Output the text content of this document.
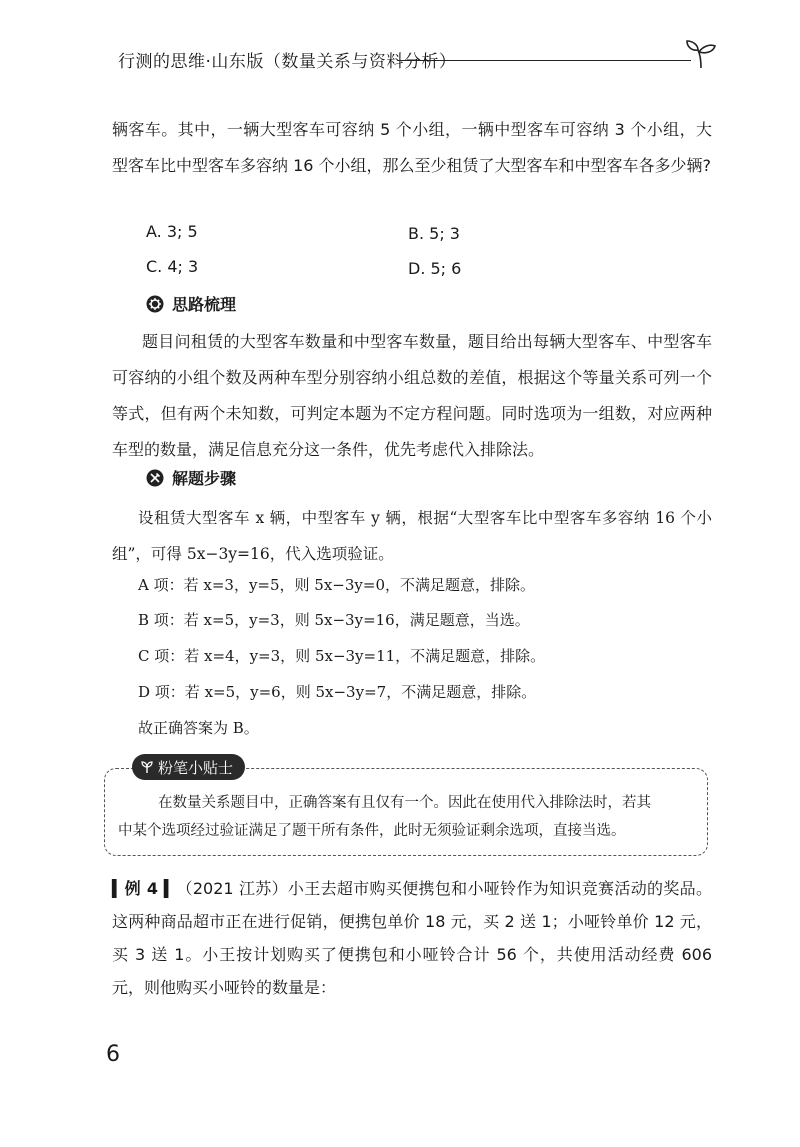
行测的思维·山东版（数量关系与资料分析）
辆客车。其中，一辆大型客车可容纳 5 个小组，一辆中型客车可容纳 3 个小组，大型客车比中型客车多容纳 16 个小组，那么至少租赁了大型客车和中型客车各多少辆?
A. 3; 5	B. 5; 3
C. 4; 3	D. 5; 6
思路梳理
题目问租赁的大型客车数量和中型客车数量，题目给出每辆大型客车、中型客车可容纳的小组个数及两种车型分别容纳小组总数的差值，根据这个等量关系可列一个等式，但有两个未知数，可判定本题为不定方程问题。同时选项为一组数，对应两种车型的数量，满足信息充分这一条件，优先考虑代入排除法。
解题步骤
设租赁大型客车 x 辆，中型客车 y 辆，根据“大型客车比中型客车多容纳 16 个小组”，可得 5x−3y=16，代入选项验证。
A 项：若 x=3，y=5，则 5x−3y=0，不满足题意，排除。
B 项：若 x=5，y=3，则 5x−3y=16，满足题意，当选。
C 项：若 x=4，y=3，则 5x−3y=11，不满足题意，排除。
D 项：若 x=5，y=6，则 5x−3y=7，不满足题意，排除。
故正确答案为 B。
粉笔小贴士
在数量关系题目中，正确答案有且仅有一个。因此在使用代入排除法时，若其
中某个选项经过验证满足了题干所有条件，此时无须验证剩余选项，直接当选。
▍例 4 ▍（2021 江苏）小王去超市购买便携包和小哑铃作为知识竞赛活动的奖品。这两种商品超市正在进行促销，便携包单价 18 元，买 2 送 1；小哑铃单价 12 元，买 3 送 1。小王按计划购买了便携包和小哑铃合计 56 个，共使用活动经费 606 元，则他购买小哑铃的数量是：
6
